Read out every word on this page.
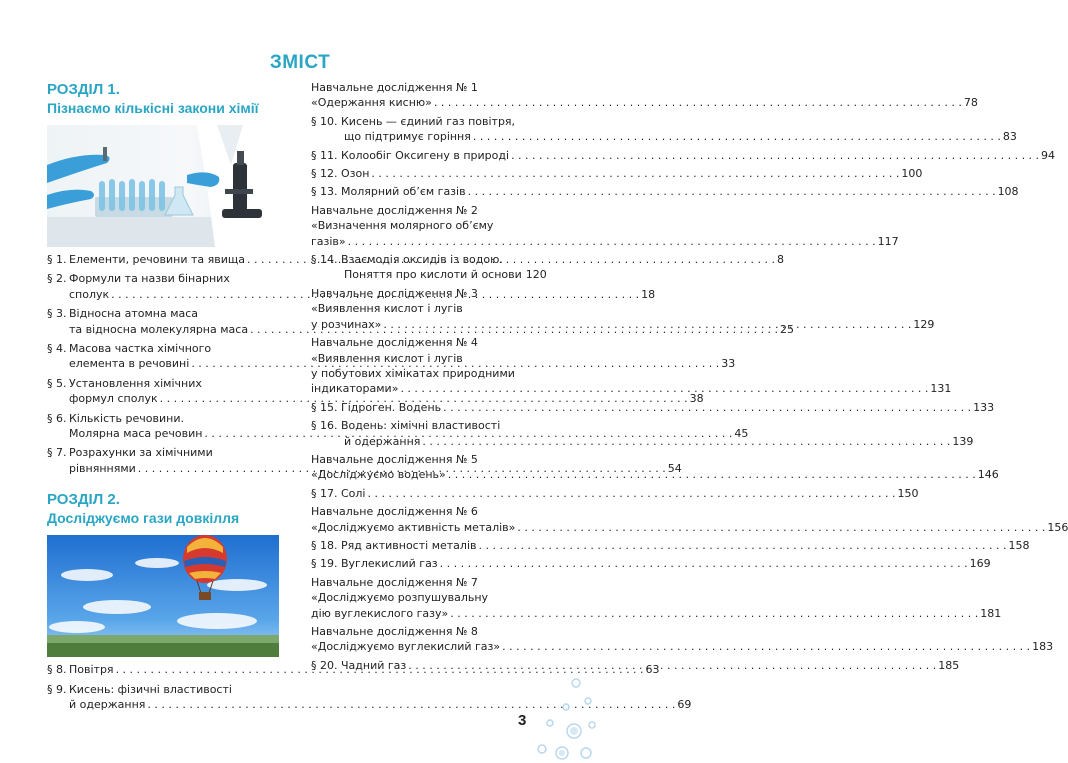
ЗМІСТ
РОЗДІЛ 1.
Пізнаємо кількісні закони хімії
§ 1. Елементи, речовини та явища . . .	8
§ 2. Формули та назви бінарних
сполук . . .	18
§ 3. Відносна атомна маса
та відносна молекулярна маса . . .	25
§ 4. Масова частка хімічного
елемента в речовині . . .	33
§ 5. Установлення хімічних
формул сполук . . .	38
§ 6. Кількість речовини.
Молярна маса речовин . . .	45
§ 7. Розрахунки за хімічними
рівняннями . . .	54
РОЗДІЛ 2.
Досліджуємо гази довкілля
§ 8. Повітря . . .	63
§ 9. Кисень: фізичні властивості
й одержання . . .	69
Навчальне дослідження № 1
«Одержання кисню» . . .	78
§ 10. Кисень — єдиний газ повітря,
що підтримує горіння . . .	83
§ 11. Колообіг Оксигену в природі . . .	94
§ 12. Озон . . .	100
§ 13. Молярний об’єм газів . . .	108
Навчальне дослідження № 2
«Визначення молярного об’єму
газів» . . .	117
§ 14. Взаємодія оксидів із водою.
Поняття про кислоти й основи 120
Навчальне дослідження № 3
«Виявлення кислот і лугів
у розчинах» . . .	129
Навчальне дослідження № 4
«Виявлення кислот і лугів
у побутових хімікатах природними
індикаторами» . . .	131
§ 15. Гідроген. Водень . . .	133
§ 16. Водень: хімічні властивості
й одержання . . .	139
Навчальне дослідження № 5
«Досліджуємо водень» . . .	146
§ 17. Солі . . .	150
Навчальне дослідження № 6
«Досліджуємо активність металів» . . .	156
§ 18. Ряд активності металів . . .	158
§ 19. Вуглекислий газ . . .	169
Навчальне дослідження № 7
«Досліджуємо розпушувальну
дію вуглекислого газу» . . .	181
Навчальне дослідження № 8
«Досліджуємо вуглекислий газ» . . .	183
§ 20. Чадний газ . . .	185
3
